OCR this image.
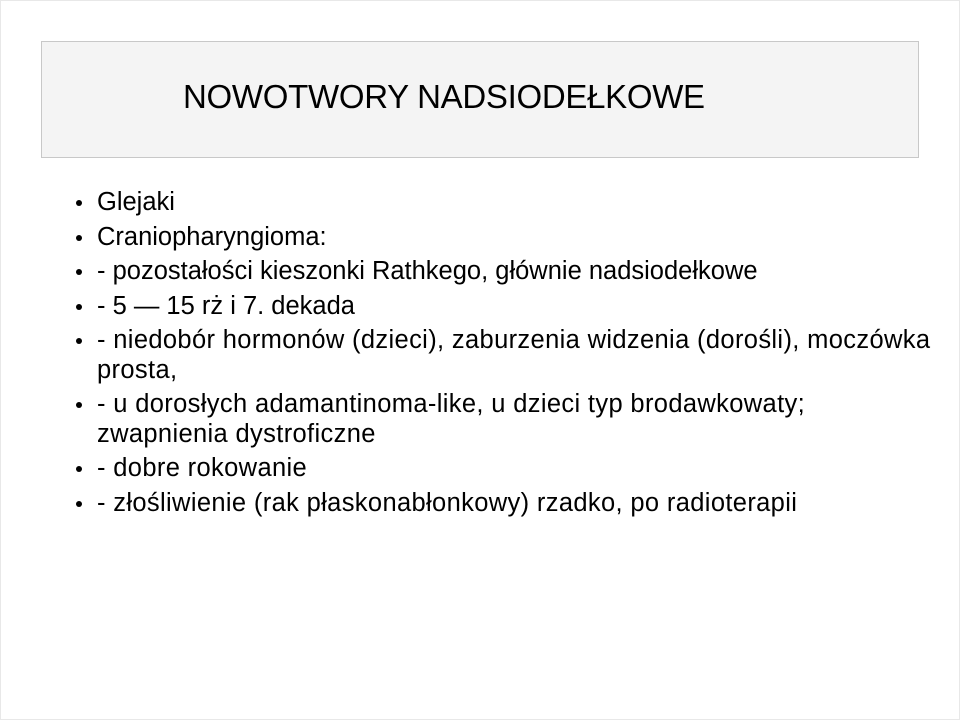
NOWOTWORY NADSIODEŁKOWE
Glejaki
Craniopharyngioma:
- pozostałości kieszonki Rathkego, głównie nadsiodełkowe
- 5 — 15 rż i 7. dekada
- niedobór hormonów (dzieci), zaburzenia widzenia (dorośli), moczówka prosta,
- u dorosłych adamantinoma-like, u dzieci typ brodawkowaty; zwapnienia dystroficzne
- dobre rokowanie
- złośliwienie (rak płaskonabłonkowy) rzadko, po radioterapii
